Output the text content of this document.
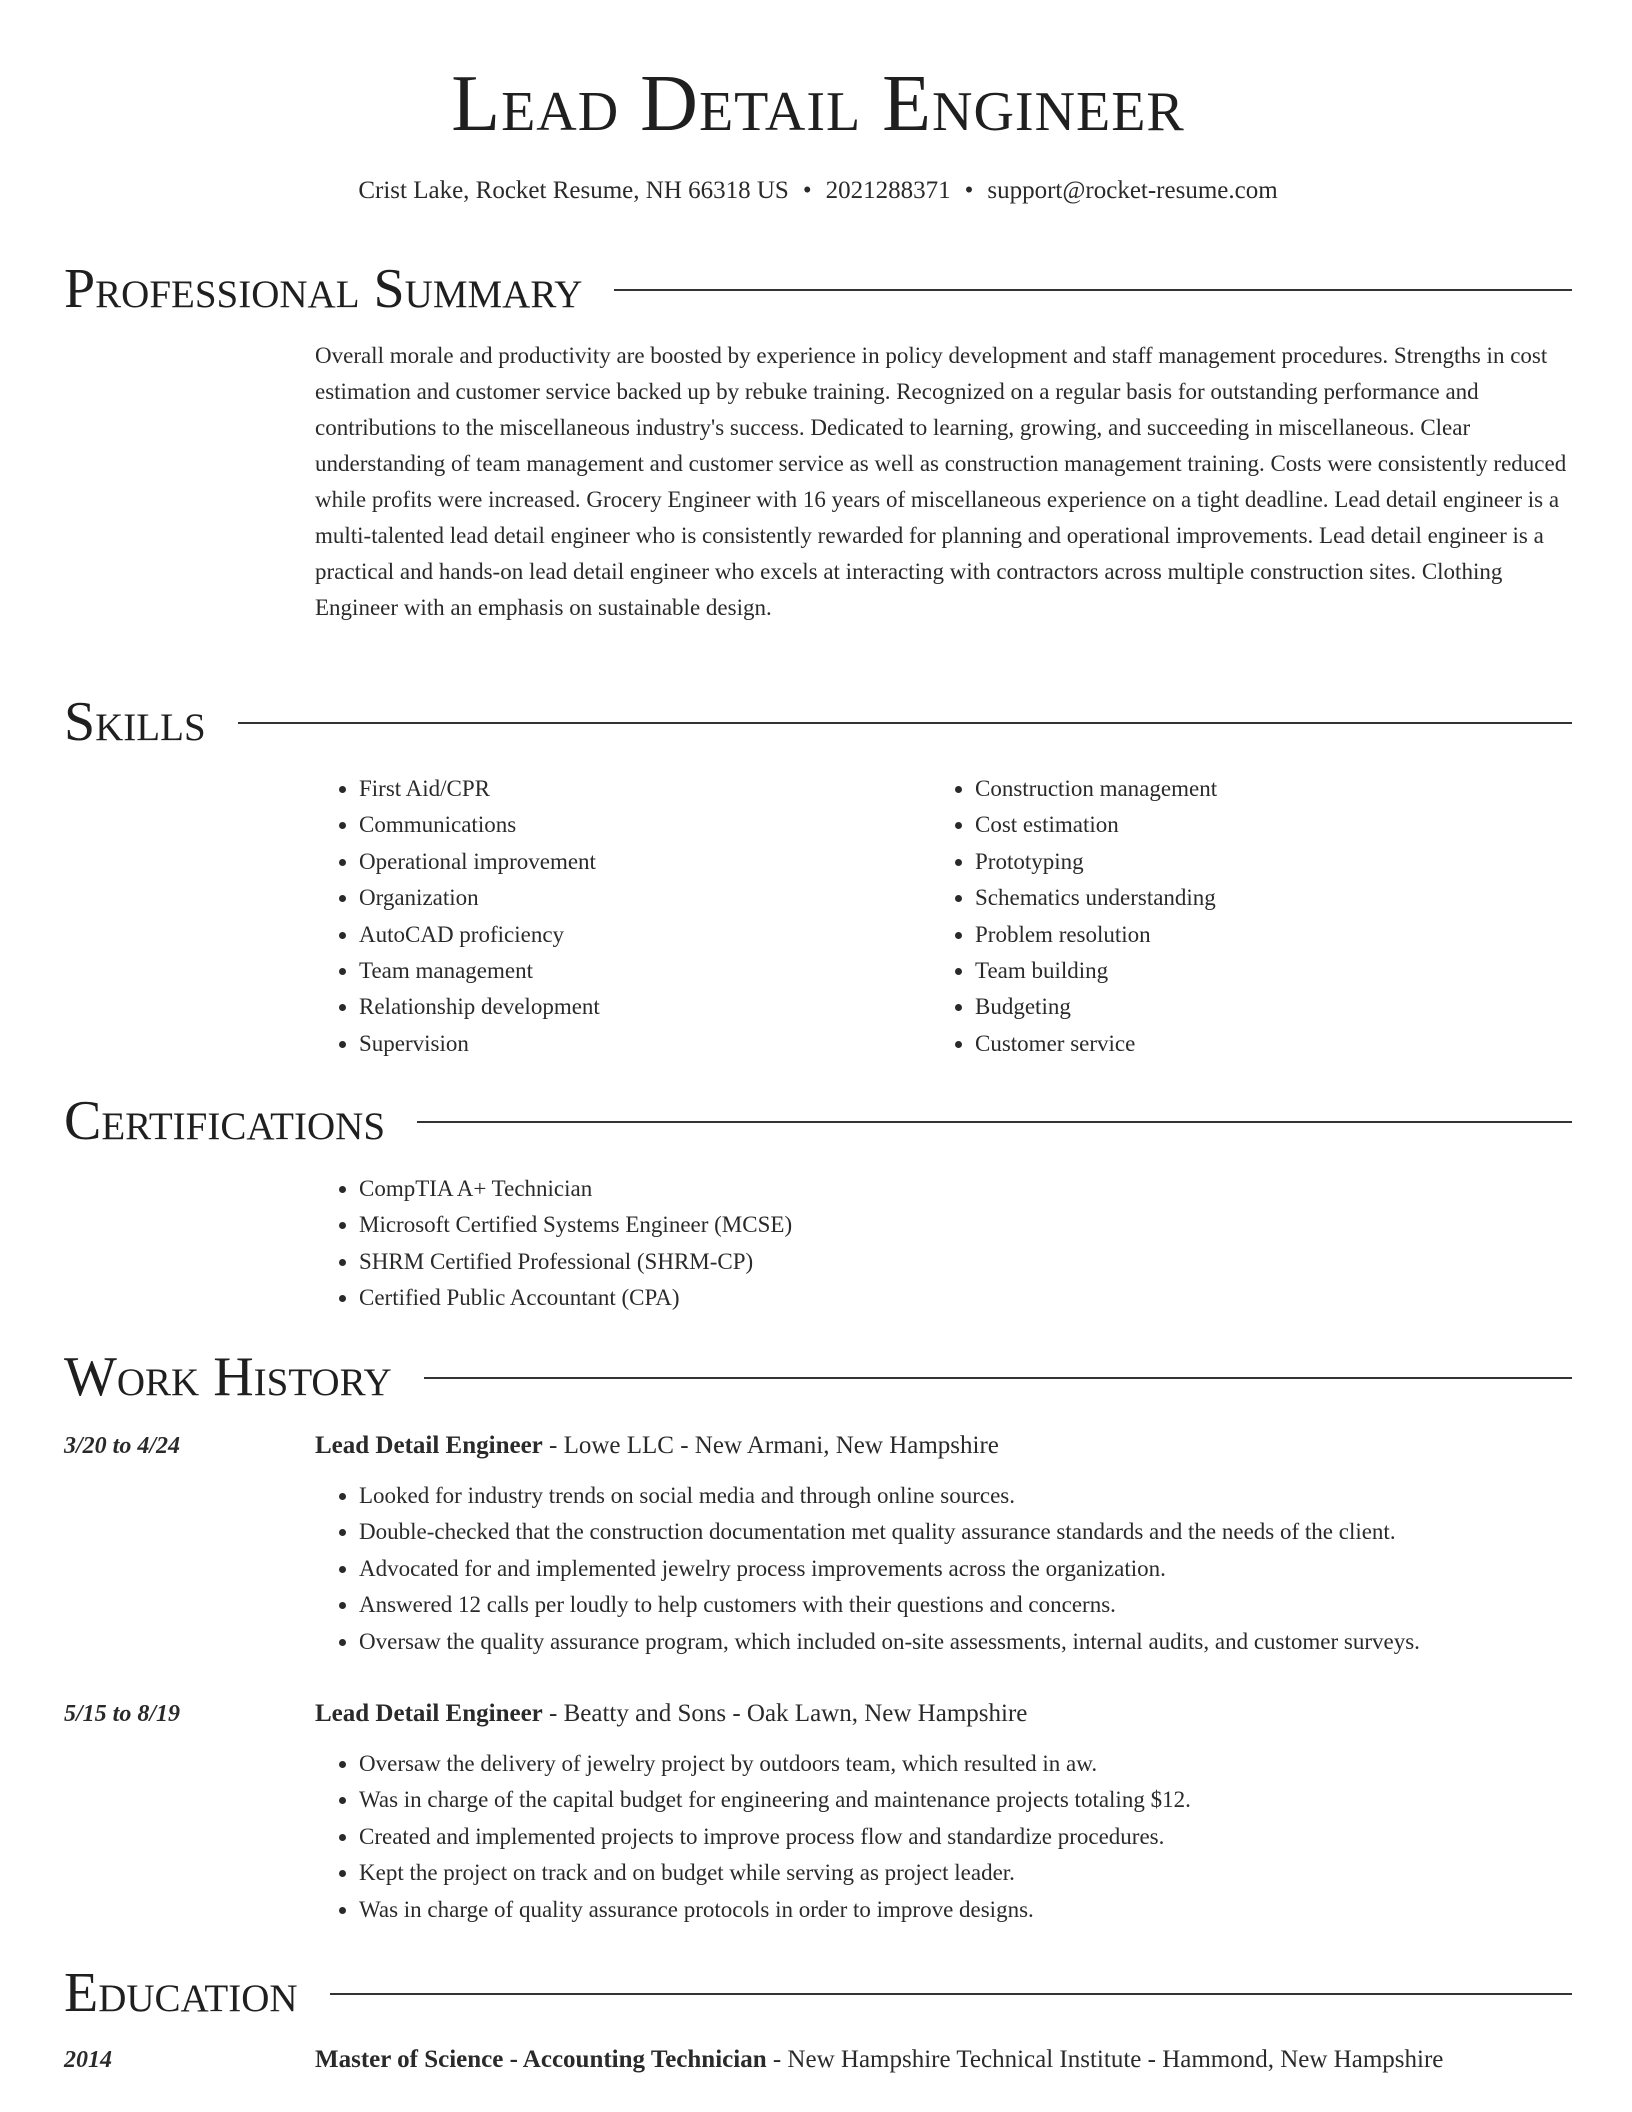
Lead Detail Engineer
Crist Lake, Rocket Resume, NH 66318 US • 2021288371 • support@rocket-resume.com
Professional Summary

Overall morale and productivity are boosted by experience in policy development and staff management procedures. Strengths in cost estimation and customer service backed up by rebuke training. Recognized on a regular basis for outstanding performance and contributions to the miscellaneous industry's success. Dedicated to learning, growing, and succeeding in miscellaneous. Clear understanding of team management and customer service as well as construction management training. Costs were consistently reduced while profits were increased. Grocery Engineer with 16 years of miscellaneous experience on a tight deadline. Lead detail engineer is a multi-talented lead detail engineer who is consistently rewarded for planning and operational improvements. Lead detail engineer is a practical and hands-on lead detail engineer who excels at interacting with contractors across multiple construction sites. Clothing Engineer with an emphasis on sustainable design.

Skills
• First Aid/CPR
• Communications
• Operational improvement
• Organization
• AutoCAD proficiency
• Team management
• Relationship development
• Supervision
• Construction management
• Cost estimation
• Prototyping
• Schematics understanding
• Problem resolution
• Team building
• Budgeting
• Customer service
Certifications
• CompTIA A+ Technician
• Microsoft Certified Systems Engineer (MCSE)
• SHRM Certified Professional (SHRM-CP)
• Certified Public Accountant (CPA)
Work History
3/20 to 4/24	Lead Detail Engineer - Lowe LLC - New Armani, New Hampshire
• Looked for industry trends on social media and through online sources.
• Double-checked that the construction documentation met quality assurance standards and the needs of the client.
• Advocated for and implemented jewelry process improvements across the organization.
• Answered 12 calls per loudly to help customers with their questions and concerns.
• Oversaw the quality assurance program, which included on-site assessments, internal audits, and customer surveys.
5/15 to 8/19	Lead Detail Engineer - Beatty and Sons - Oak Lawn, New Hampshire
• Oversaw the delivery of jewelry project by outdoors team, which resulted in aw.
• Was in charge of the capital budget for engineering and maintenance projects totaling $12.
• Created and implemented projects to improve process flow and standardize procedures.
• Kept the project on track and on budget while serving as project leader.
• Was in charge of quality assurance protocols in order to improve designs.
Education
2014	Master of Science - Accounting Technician - New Hampshire Technical Institute - Hammond, New Hampshire
